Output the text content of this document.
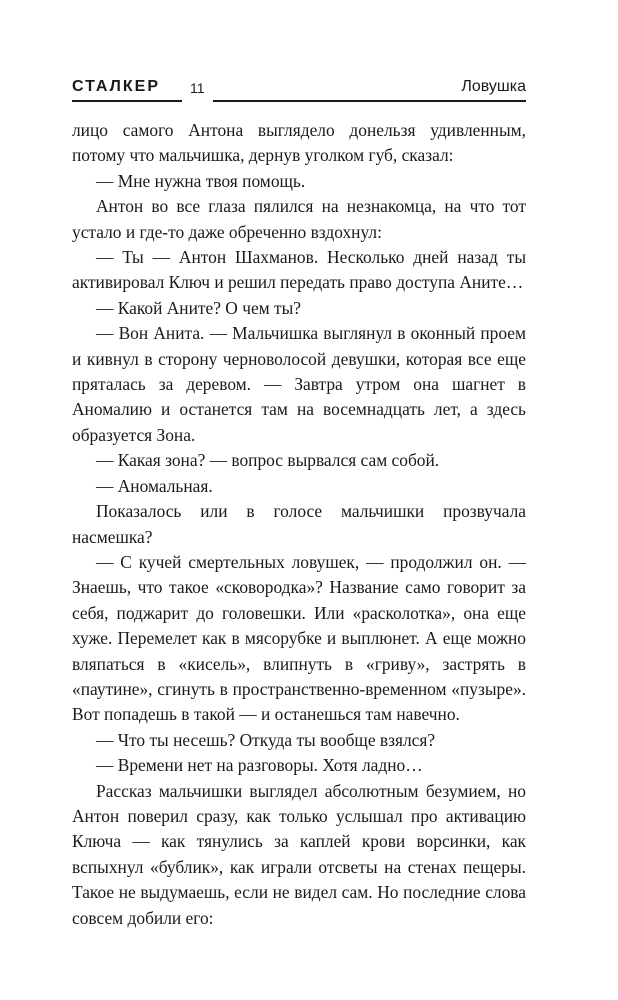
СТАЛКЕР	11	Ловушка

лицо самого Антона выглядело донельзя удивленным, потому что мальчишка, дернув уголком губ, сказал:

— Мне нужна твоя помощь.

Антон во все глаза пялился на незнакомца, на что тот устало и где-то даже обреченно вздохнул:

— Ты — Антон Шахманов. Несколько дней назад ты активировал Ключ и решил передать право доступа Аните…

— Какой Аните? О чем ты?

— Вон Анита. — Мальчишка выглянул в оконный проем и кивнул в сторону черноволосой девушки, которая все еще пряталась за деревом. — Завтра утром она шагнет в Аномалию и останется там на восемнадцать лет, а здесь образуется Зона.

— Какая зона? — вопрос вырвался сам собой.

— Аномальная.

Показалось или в голосе мальчишки прозвучала насмешка?

— С кучей смертельных ловушек, — продолжил он. — Знаешь, что такое «сковородка»? Название само говорит за себя, поджарит до головешки. Или «расколотка», она еще хуже. Перемелет как в мясорубке и выплюнет. А еще можно вляпаться в «кисель», влипнуть в «гриву», застрять в «паутине», сгинуть в пространственно-временном «пузыре». Вот попадешь в такой — и останешься там навечно.

— Что ты несешь? Откуда ты вообще взялся?

— Времени нет на разговоры. Хотя ладно…

Рассказ мальчишки выглядел абсолютным безумием, но Антон поверил сразу, как только услышал про активацию Ключа — как тянулись за каплей крови ворсинки, как вспыхнул «бублик», как играли отсветы на стенах пещеры. Такое не выдумаешь, если не видел сам. Но последние слова совсем добили его:
